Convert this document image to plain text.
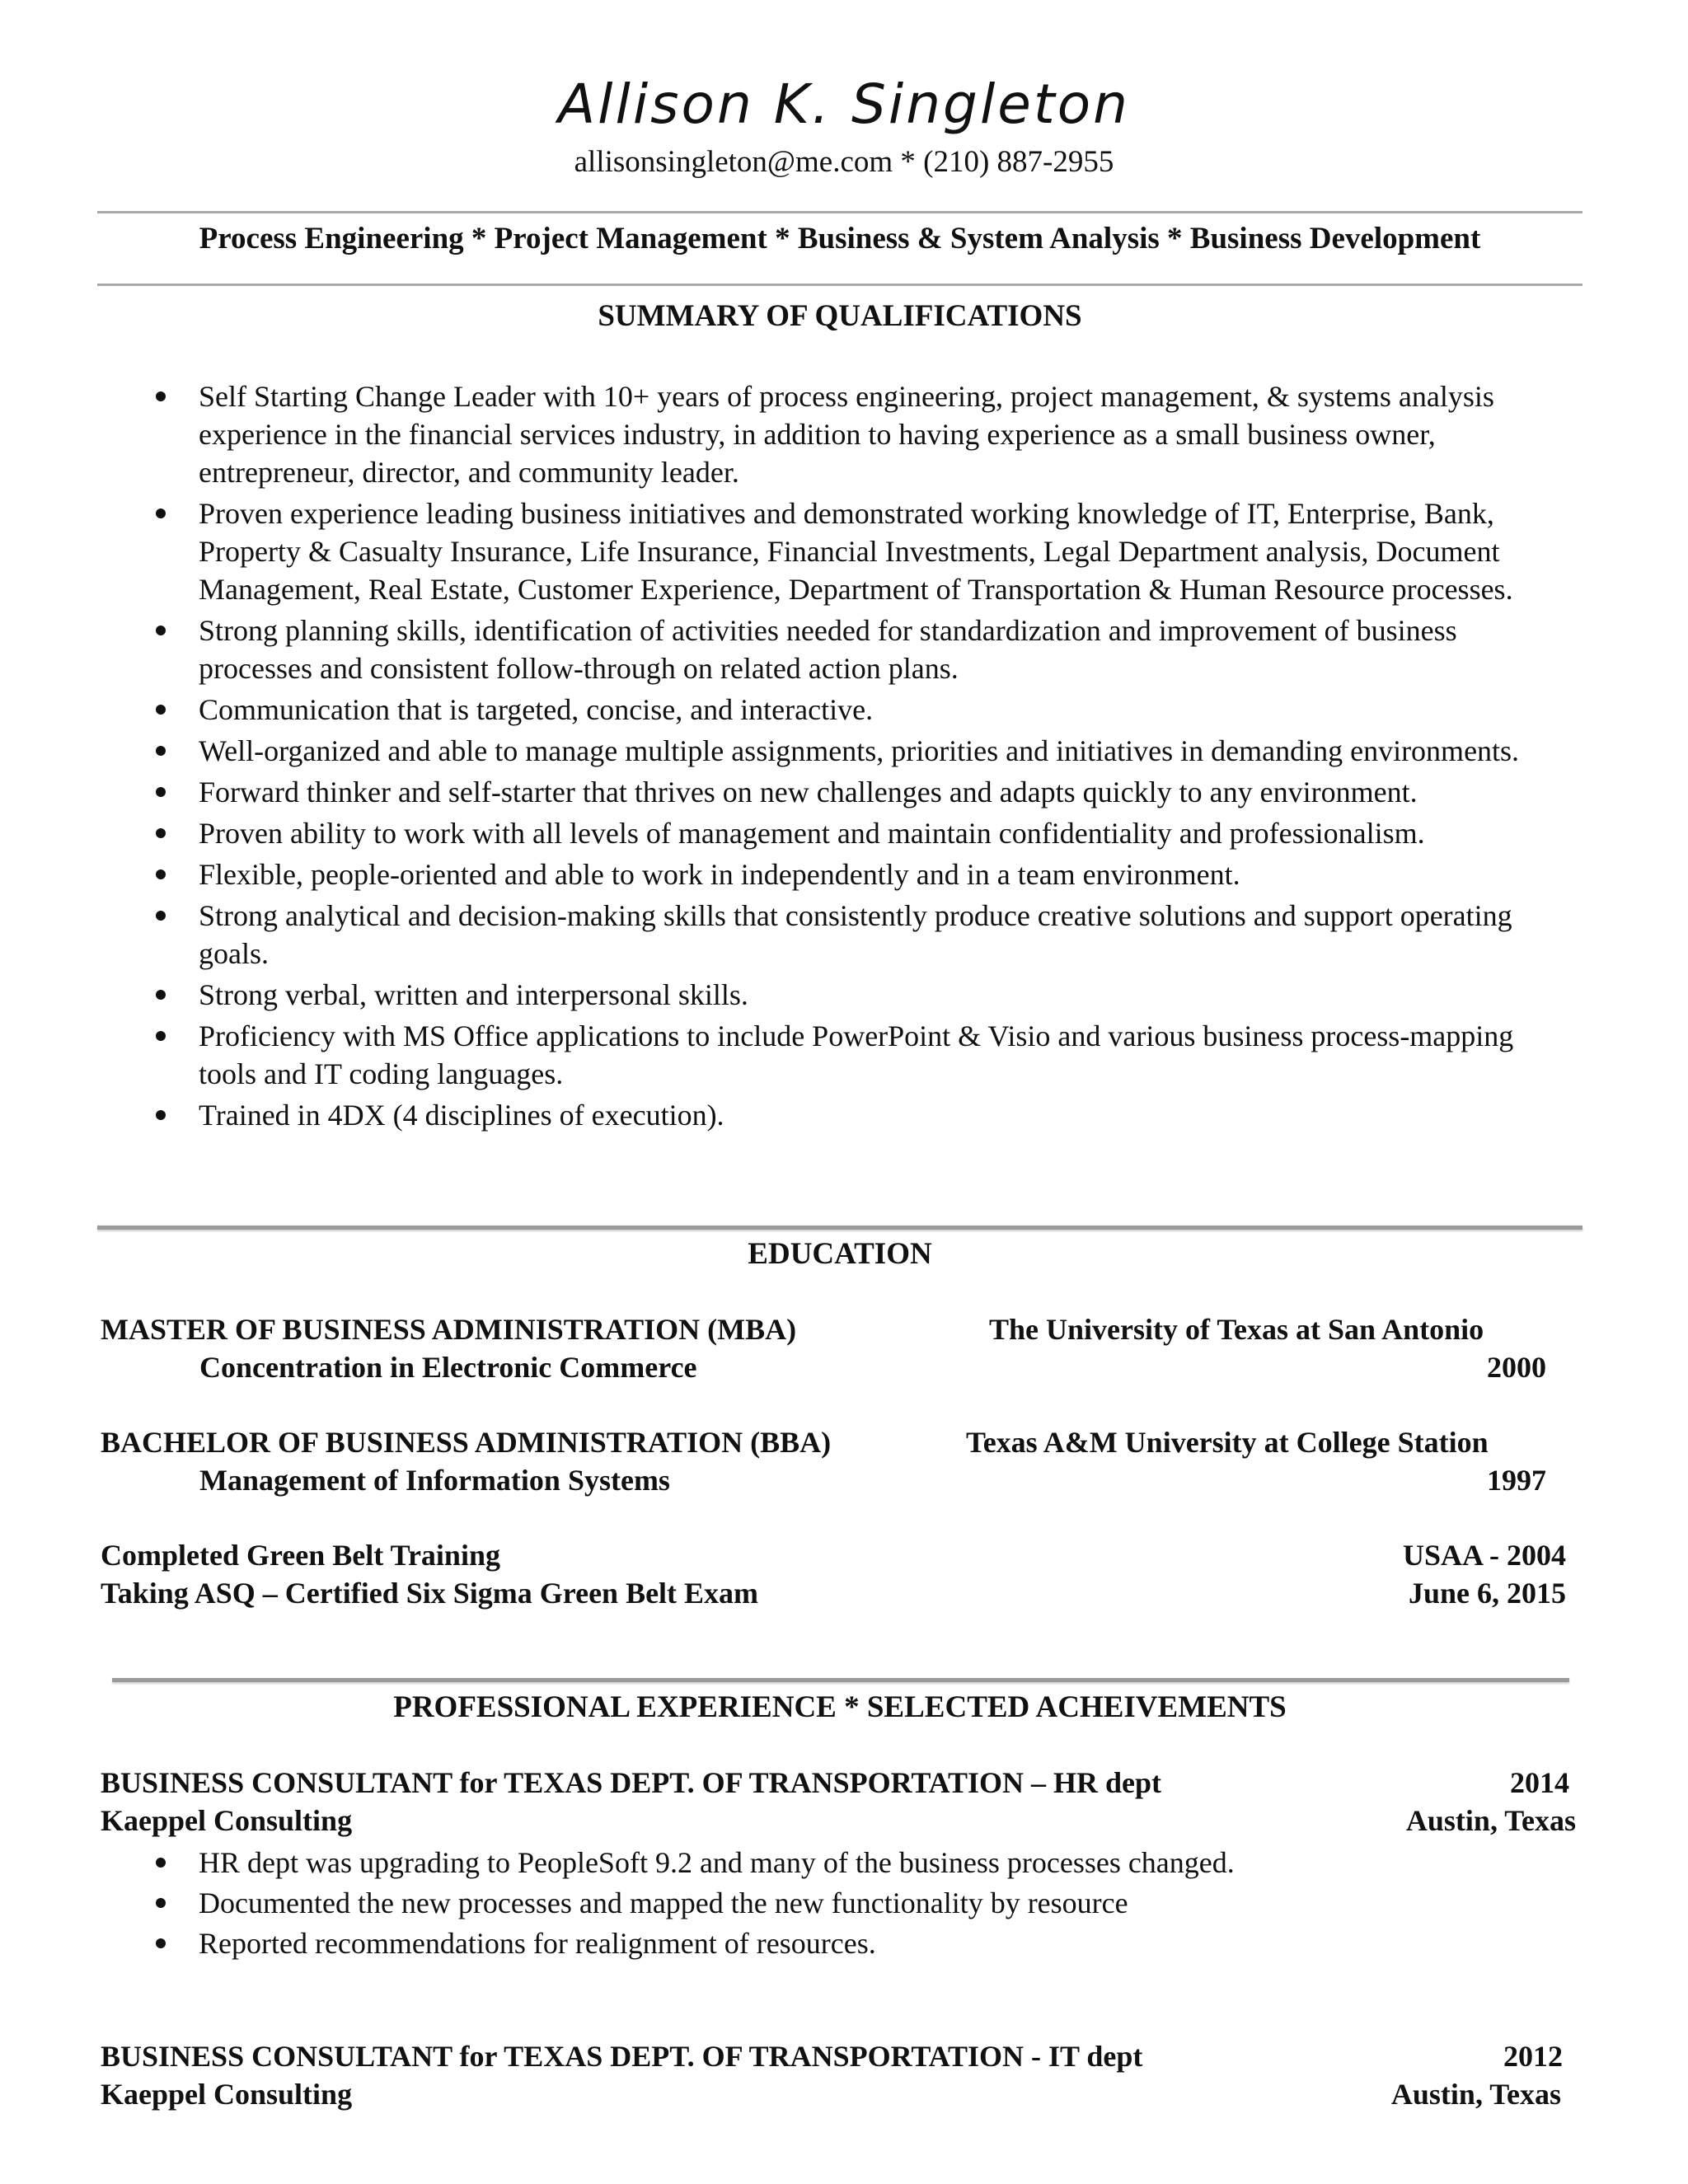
Allison K. Singleton
allisonsingleton@me.com * (210) 887-2955
Process Engineering * Project Management * Business & System Analysis * Business Development
SUMMARY OF QUALIFICATIONS
Self Starting Change Leader with 10+ years of process engineering, project management, & systems analysis experience in the financial services industry, in addition to having experience as a small business owner, entrepreneur, director, and community leader.
Proven experience leading business initiatives and demonstrated working knowledge of IT, Enterprise, Bank, Property & Casualty Insurance, Life Insurance, Financial Investments, Legal Department analysis, Document Management, Real Estate, Customer Experience, Department of Transportation & Human Resource processes.
Strong planning skills, identification of activities needed for standardization and improvement of business processes and consistent follow-through on related action plans.
Communication that is targeted, concise, and interactive.
Well-organized and able to manage multiple assignments, priorities and initiatives in demanding environments.
Forward thinker and self-starter that thrives on new challenges and adapts quickly to any environment.
Proven ability to work with all levels of management and maintain confidentiality and professionalism.
Flexible, people-oriented and able to work in independently and in a team environment.
Strong analytical and decision-making skills that consistently produce creative solutions and support operating goals.
Strong verbal, written and interpersonal skills.
Proficiency with MS Office applications to include PowerPoint & Visio and various business process-mapping tools and IT coding languages.
Trained in 4DX (4 disciplines of execution).
EDUCATION
MASTER OF BUSINESS ADMINISTRATION (MBA)	The University of Texas at San Antonio
Concentration in Electronic Commerce	2000
BACHELOR OF BUSINESS ADMINISTRATION (BBA)	Texas A&M University at College Station
Management of Information Systems	1997
Completed Green Belt Training	USAA - 2004
Taking ASQ – Certified Six Sigma Green Belt Exam	June 6, 2015
PROFESSIONAL EXPERIENCE * SELECTED ACHEIVEMENTS
BUSINESS CONSULTANT for TEXAS DEPT. OF TRANSPORTATION – HR dept	2014
Kaeppel Consulting	Austin, Texas
HR dept was upgrading to PeopleSoft 9.2 and many of the business processes changed.
Documented the new processes and mapped the new functionality by resource
Reported recommendations for realignment of resources.
BUSINESS CONSULTANT for TEXAS DEPT. OF TRANSPORTATION - IT dept	2012
Kaeppel Consulting	Austin, Texas
